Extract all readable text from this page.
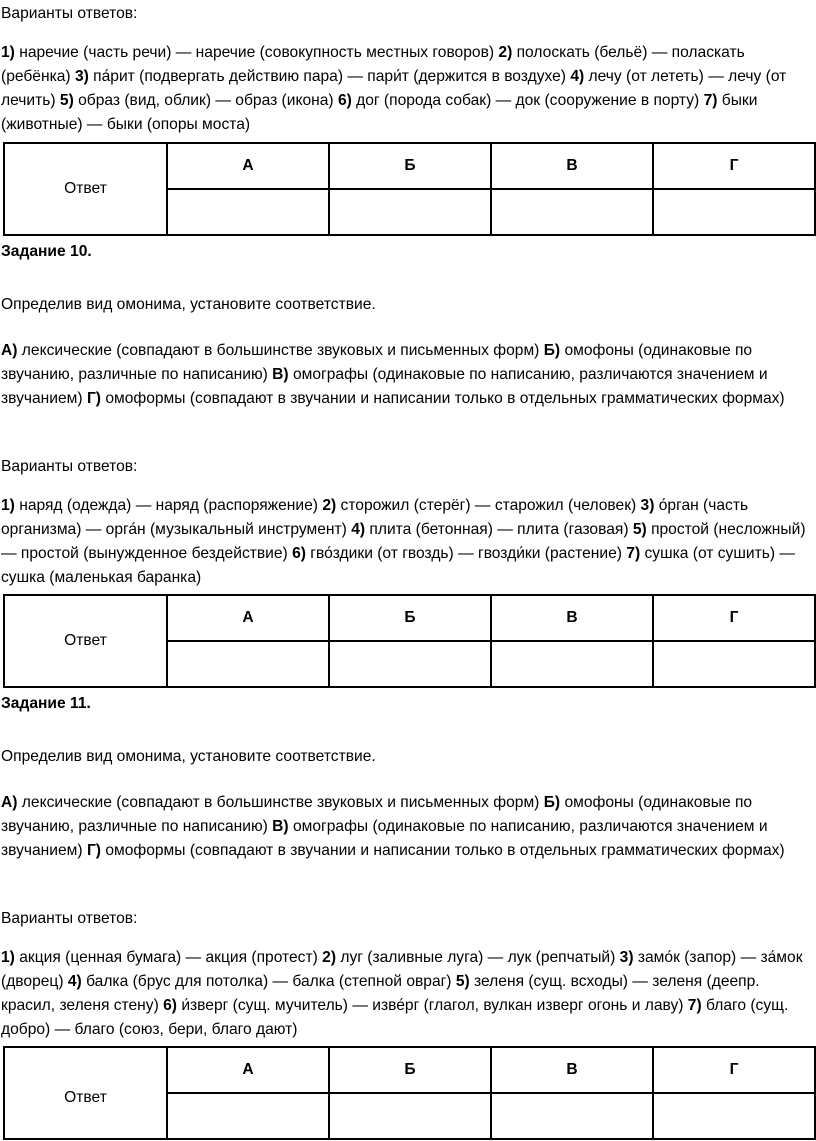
Варианты ответов:

1) наречие (часть речи) — наречие (совокупность местных говоров) 2) полоскать (бельё) — поласкать (ребёнка) 3) па́рит (подвергать действию пара) — пари́т (держится в воздухе) 4) лечу (от лететь) — лечу (от лечить) 5) образ (вид, облик) — образ (икона) 6) дог (порода собак) — док (сооружение в порту) 7) быки (животные) — быки (опоры моста)

Ответ	А	Б	В	Г

Задание 10.

Определив вид омонима, установите соответствие.

А) лексические (совпадают в большинстве звуковых и письменных форм) Б) омофоны (одинаковые по звучанию, различные по написанию) В) омографы (одинаковые по написанию, различаются значением и звучанием) Г) омоформы (совпадают в звучании и написании только в отдельных грамматических формах)

Варианты ответов:

1) наряд (одежда) — наряд (распоряжение) 2) сторожил (стерёг) — старожил (человек) 3) о́рган (часть организма) — орга́н (музыкальный инструмент) 4) плита (бетонная) — плита (газовая) 5) простой (несложный) — простой (вынужденное бездействие) 6) гво́здики (от гвоздь) — гвозди́ки (растение) 7) сушка (от сушить) — сушка (маленькая баранка)

Ответ	А	Б	В	Г

Задание 11.

Определив вид омонима, установите соответствие.

А) лексические (совпадают в большинстве звуковых и письменных форм) Б) омофоны (одинаковые по звучанию, различные по написанию) В) омографы (одинаковые по написанию, различаются значением и звучанием) Г) омоформы (совпадают в звучании и написании только в отдельных грамматических формах)

Варианты ответов:

1) акция (ценная бумага) — акция (протест) 2) луг (заливные луга) — лук (репчатый) 3) замо́к (запор) — за́мок (дворец) 4) балка (брус для потолка) — балка (степной овраг) 5) зеленя (сущ. всходы) — зеленя (деепр. красил, зеленя стену) 6) и́зверг (сущ. мучитель) — изве́рг (глагол, вулкан изверг огонь и лаву) 7) благо (сущ. добро) — благо (союз, бери, благо дают)

Ответ	А	Б	В	Г
